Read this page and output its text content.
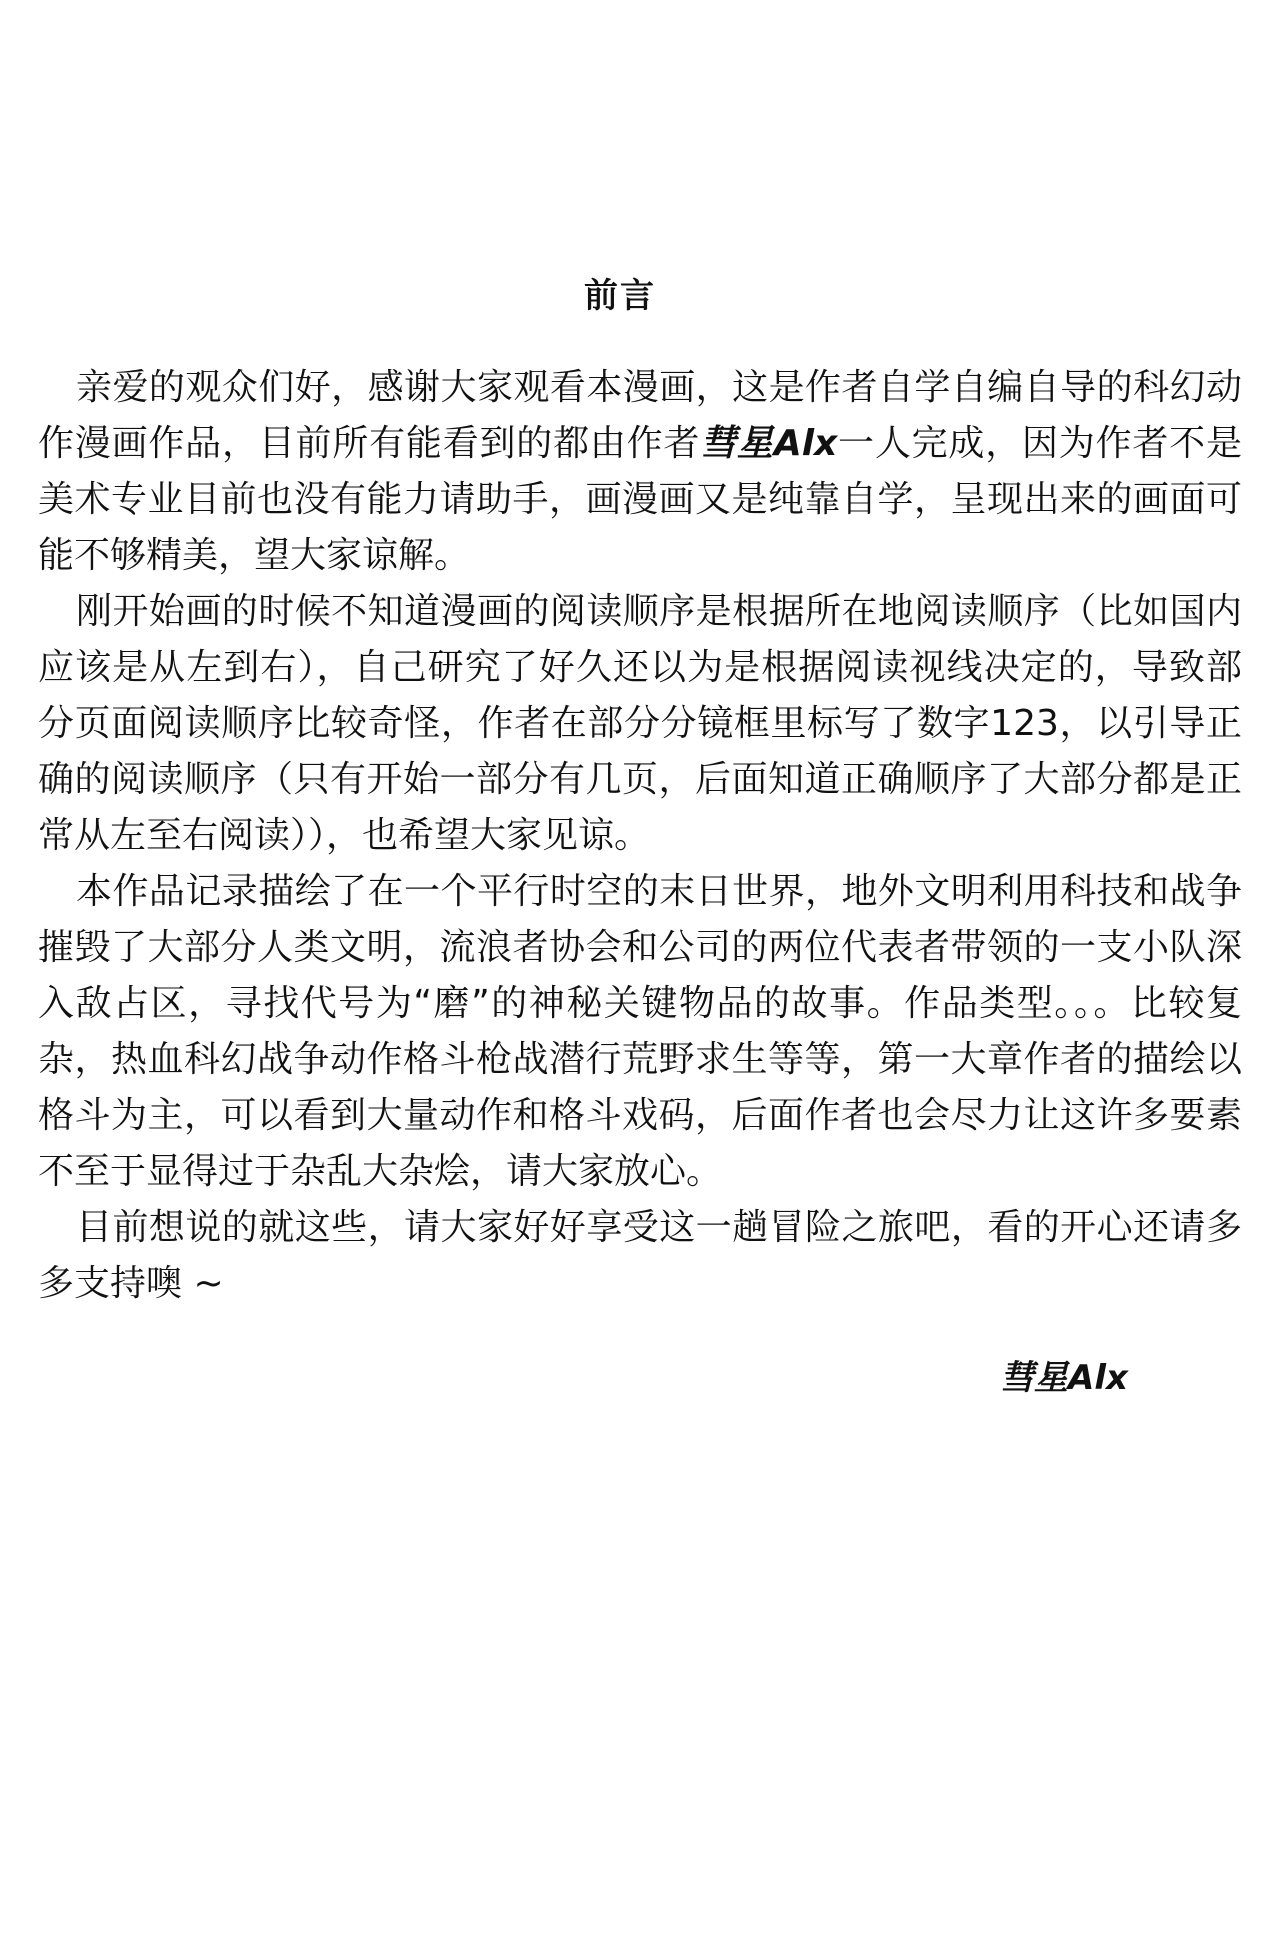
前言

亲爱的观众们好，感谢大家观看本漫画，这是作者自学自编自导的科幻动作漫画作品，目前所有能看到的都由作者彗星Alx一人完成，因为作者不是美术专业目前也没有能力请助手，画漫画又是纯靠自学，呈现出来的画面可能不够精美，望大家谅解。

刚开始画的时候不知道漫画的阅读顺序是根据所在地阅读顺序（比如国内应该是从左到右），自己研究了好久还以为是根据阅读视线决定的，导致部分页面阅读顺序比较奇怪，作者在部分分镜框里标写了数字123，以引导正确的阅读顺序（只有开始一部分有几页，后面知道正确顺序了大部分都是正常从左至右阅读）），也希望大家见谅。

本作品记录描绘了在一个平行时空的末日世界，地外文明利用科技和战争摧毁了大部分人类文明，流浪者协会和公司的两位代表者带领的一支小队深入敌占区，寻找代号为“磨”的神秘关键物品的故事。作品类型。。。比较复杂，热血科幻战争动作格斗枪战潜行荒野求生等等，第一大章作者的描绘以格斗为主，可以看到大量动作和格斗戏码，后面作者也会尽力让这许多要素不至于显得过于杂乱大杂烩，请大家放心。

目前想说的就这些，请大家好好享受这一趟冒险之旅吧，看的开心还请多多支持噢 ~

彗星Alx
